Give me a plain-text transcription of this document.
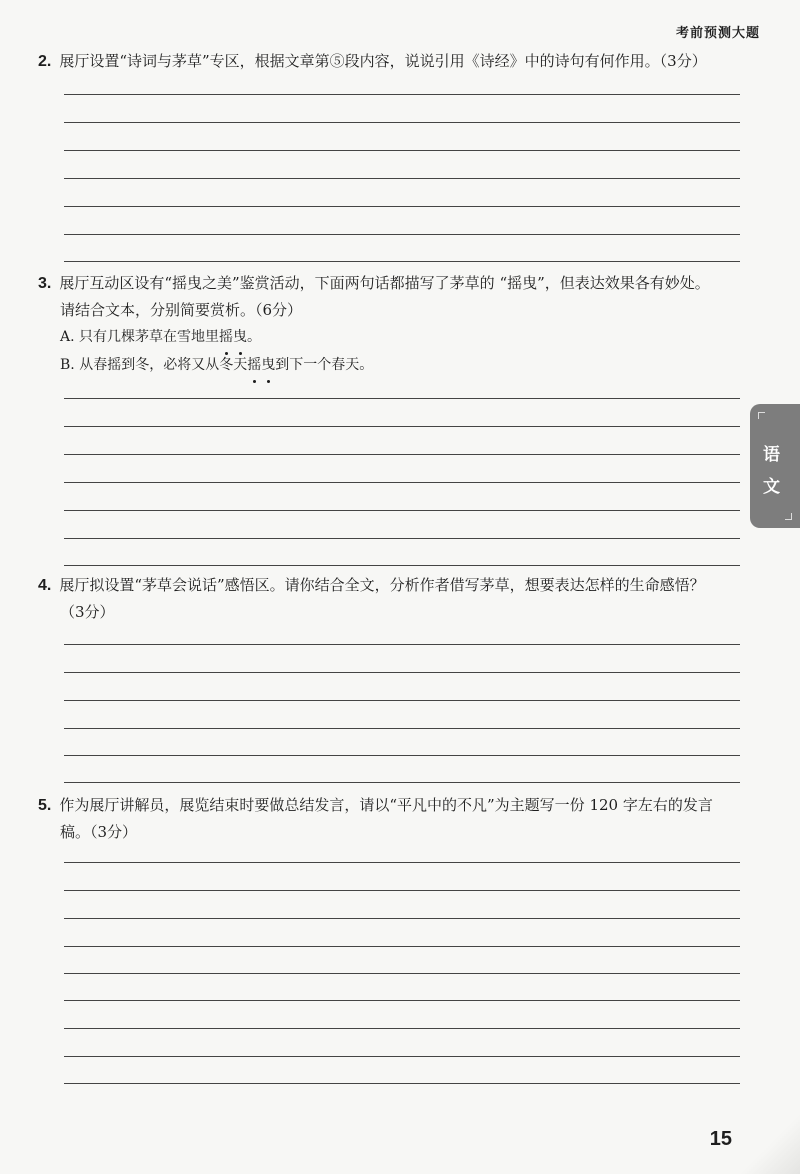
考前预测大题
2. 展厅设置“诗词与茅草”专区，根据文章第⑤段内容，说说引用《诗经》中的诗句有何作用。（3分）
3. 展厅互动区设有“摇曳之美”鉴赏活动，下面两句话都描写了茅草的 “摇曳”，但表达效果各有妙处。
请结合文本，分别简要赏析。（6分）
A. 只有几棵茅草在雪地里摇曳。
B. 从春摇到冬，必将又从冬天摇曳到下一个春天。
4. 展厅拟设置“茅草会说话”感悟区。请你结合全文，分析作者借写茅草，想要表达怎样的生命感悟？
（3分）
5. 作为展厅讲解员，展览结束时要做总结发言，请以“平凡中的不凡”为主题写一份 120 字左右的发言
稿。（3分）
语
文
15
